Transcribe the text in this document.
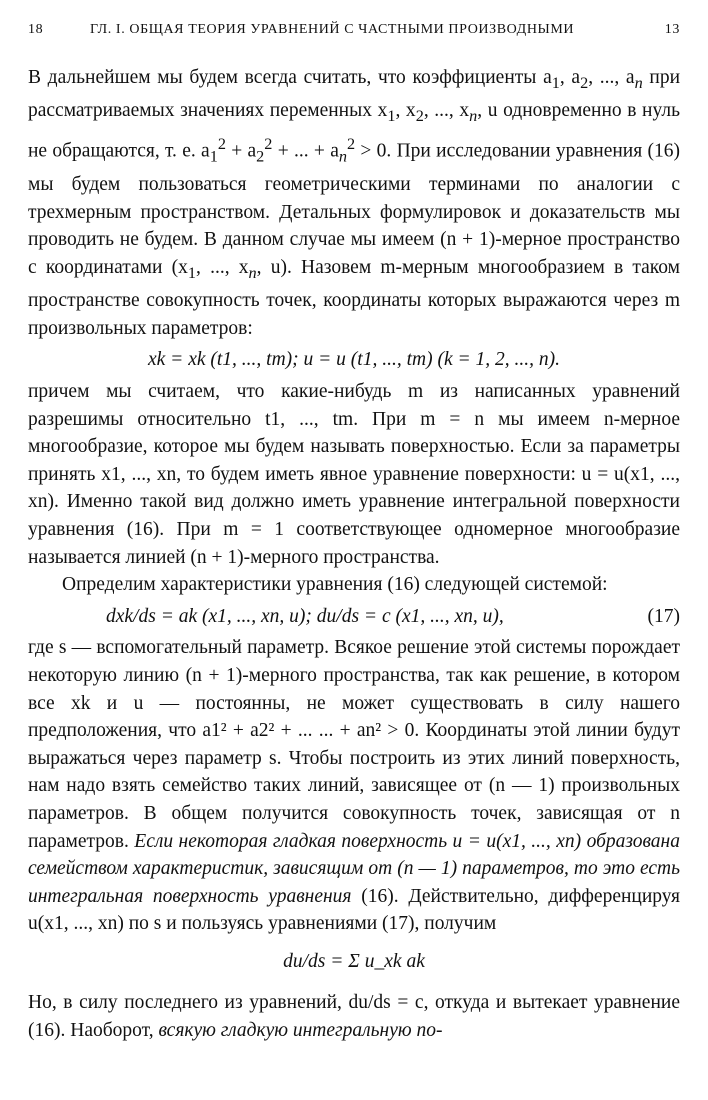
18	ГЛ. I. ОБЩАЯ ТЕОРИЯ УРАВНЕНИЙ С ЧАСТНЫМИ ПРОИЗВОДНЫМИ	13

В дальнейшем мы будем всегда считать, что коэффициенты $a_1$, $a_2$, ..., $a_n$ при рассматриваемых значениях переменных $x_1$, $x_2$, ..., $x_n$, u одновременно в нуль не обращаются, т. е. $a_1^2 + a_2^2$ + ... + $a_n^2 > 0$. При исследовании уравнения (16) мы будем пользоваться геометрическими терминами по аналогии с трехмерным пространством. Детальных формулировок и доказательств мы проводить не будем. В данном случае мы имеем (n + 1)-мерное пространство с координатами ($x_1$, ..., $x_n$, u). Назовем m-мерным многообразием в таком пространстве совокупность точек, координаты которых выражаются через m произвольных параметров:

xk = xk (t1, ..., tm); u = u (t1, ..., tm) (k = 1, 2, ..., n).

причем мы считаем, что какие-нибудь m из написанных уравнений разрешимы относительно t1, ..., tm. При m = n мы имеем n-мерное многообразие, которое мы будем называть поверхностью. Если за параметры принять x1, ..., xn, то будем иметь явное уравнение поверхности: u = u(x1, ..., xn). Именно такой вид должно иметь уравнение интегральной поверхности уравнения (16). При m = 1 соответствующее одномерное многообразие называется линией (n + 1)-мерного пространства.

Определим характеристики уравнения (16) следующей системой:

dxk/ds = ak (x1, ..., xn, u); du/ds = c (x1, ..., xn, u),	(17)

где s — вспомогательный параметр. Всякое решение этой системы порождает некоторую линию (n + 1)-мерного пространства, так как решение, в котором все xk и u — постоянны, не может существовать в силу нашего предположения, что a1² + a2² + ... ... + an² > 0. Координаты этой линии будут выражаться через параметр s. Чтобы построить из этих линий поверхность, нам надо взять семейство таких линий, зависящее от (n — 1) произвольных параметров. В общем получится совокупность точек, зависящая от n параметров. Если некоторая гладкая поверхность u = u(x1, ..., xn) образована семейством характеристик, зависящим от (n — 1) параметров, то это есть интегральная поверхность уравнения (16). Действительно, дифференцируя u(x1, ..., xn) по s и пользуясь уравнениями (17), получим

du/ds = Σ u_xk ak

Но, в силу последнего из уравнений, du/ds = c, откуда и вытекает уравнение (16). Наоборот, всякую гладкую интегральную по-
